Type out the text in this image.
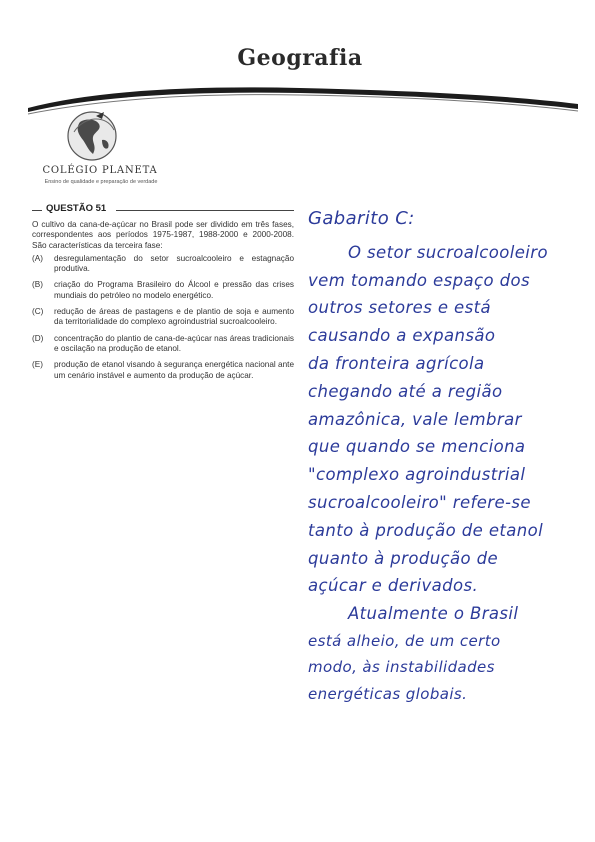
Geografia
COLÉGIO PLANETA
Ensino de qualidade e preparação de verdade
QUESTÃO 51

O cultivo da cana-de-açúcar no Brasil pode ser dividido em três fases, correspondentes aos períodos 1975-1987, 1988-2000 e 2000-2008. São características da terceira fase:

(A)	desregulamentação do setor sucroalcooleiro e estagnação produtiva.
(B)	criação do Programa Brasileiro do Álcool e pressão das crises mundiais do petróleo no modelo energético.
(C)	redução de áreas de pastagens e de plantio de soja e aumento da territorialidade do complexo agroindustrial sucroalcooleiro.
(D)	concentração do plantio de cana-de-açúcar nas áreas tradicionais e oscilação na produção de etanol.
(E)	produção de etanol visando à segurança energética nacional ante um cenário instável e aumento da produção de açúcar.
Gabarito C:
O setor sucroalcooleiro
vem tomando espaço dos
outros setores e está
causando a expansão
da fronteira agrícola
chegando até a região
amazônica, vale lembrar
que quando se menciona
"complexo agroindustrial
sucroalcooleiro" refere-se
tanto à produção de etanol
quanto à produção de
açúcar e derivados.
Atualmente o Brasil
está alheio, de um certo
modo, às instabilidades
energéticas globais.
